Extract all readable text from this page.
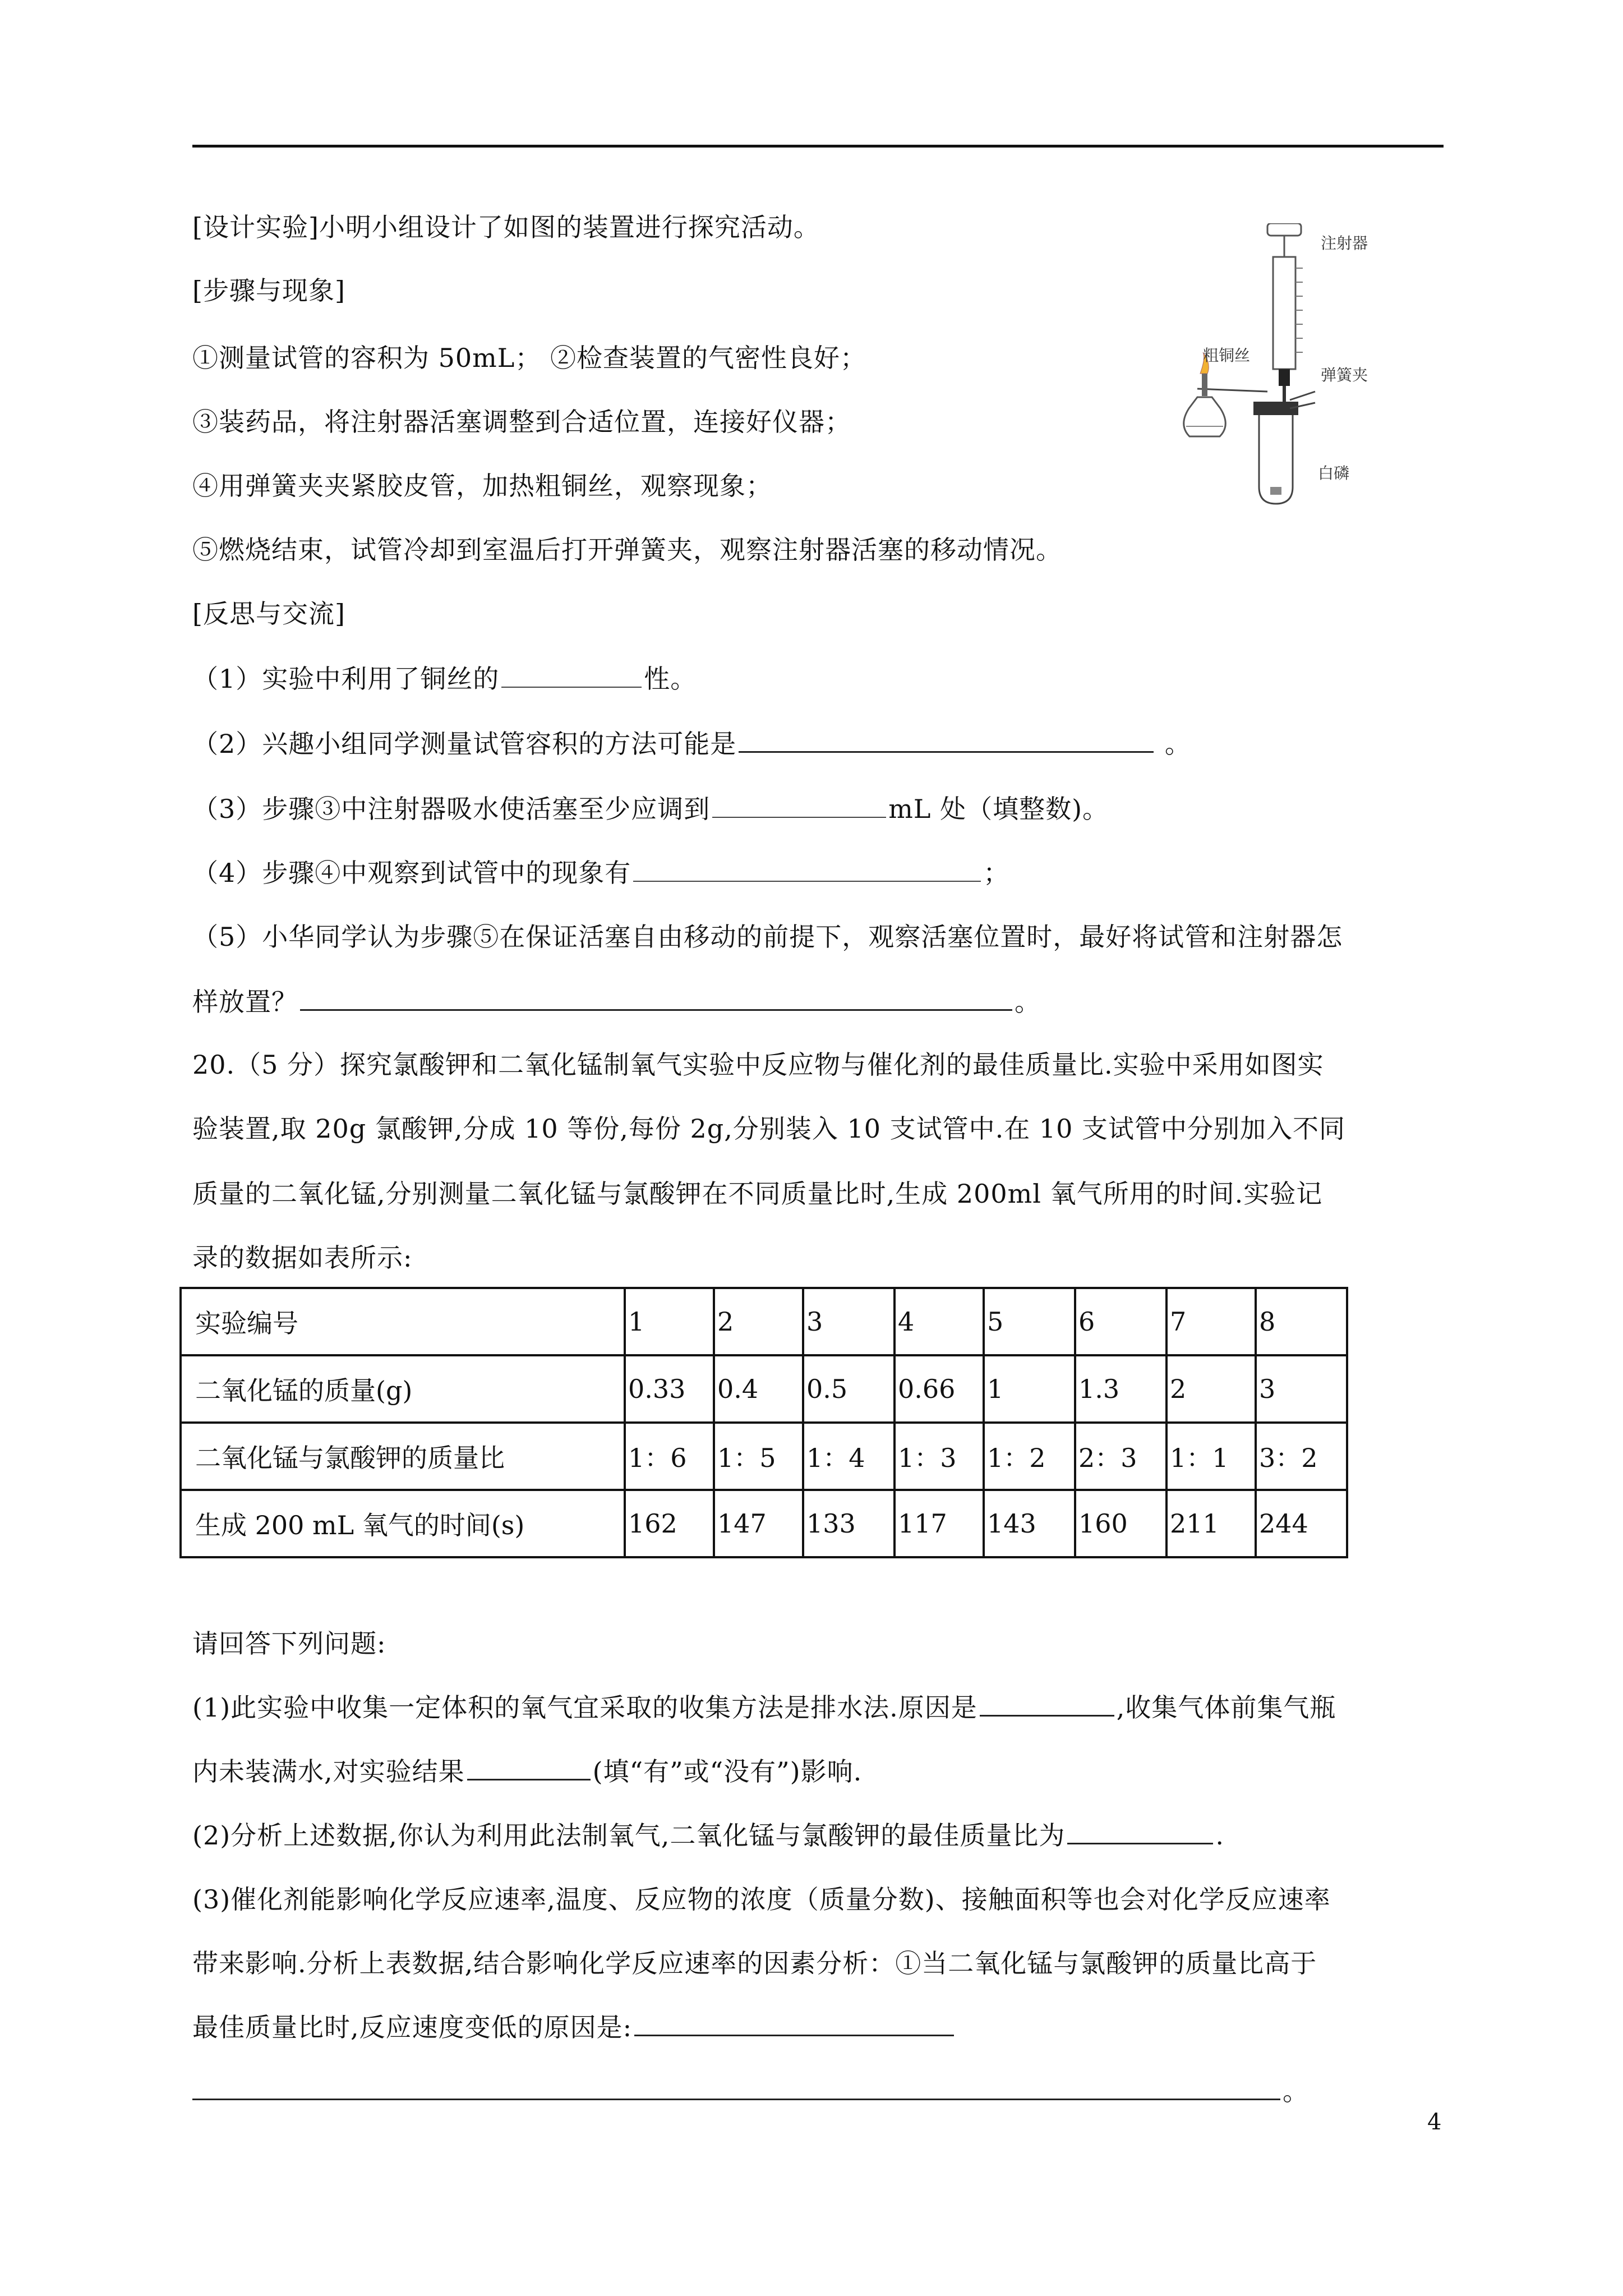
[设计实验]小明小组设计了如图的装置进行探究活动。
[步骤与现象]
①测量试管的容积为 50mL； ②检查装置的气密性良好；
③装药品，将注射器活塞调整到合适位置，连接好仪器；
④用弹簧夹夹紧胶皮管，加热粗铜丝，观察现象；
⑤燃烧结束，试管冷却到室温后打开弹簧夹，观察注射器活塞的移动情况。
注射器
粗铜丝
弹簧夹
白磷
[反思与交流]
（1）实验中利用了铜丝的	性。
（2）兴趣小组同学测量试管容积的方法可能是	。
（3）步骤③中注射器吸水使活塞至少应调到	mL 处（填整数)。
（4）步骤④中观察到试管中的现象有	；
（5）小华同学认为步骤⑤在保证活塞自由移动的前提下，观察活塞位置时，最好将试管和注射器怎
样放置？	。
20.（5 分）探究氯酸钾和二氧化锰制氧气实验中反应物与催化剂的最佳质量比.实验中采用如图实
验装置,取 20g 氯酸钾,分成 10 等份,每份 2g,分别装入 10 支试管中.在 10 支试管中分别加入不同
质量的二氧化锰,分别测量二氧化锰与氯酸钾在不同质量比时,生成 200ml 氧气所用的时间.实验记
录的数据如表所示:
实验编号	1	2	3	4	5	6	7	8
二氧化锰的质量(g)	0.33	0.4	0.5	0.66	1	1.3	2	3
二氧化锰与氯酸钾的质量比	1：6	1：5	1：4	1：3	1：2	2：3	1：1	3：2
生成 200 mL 氧气的时间(s)	162	147	133	117	143	160	211	244
请回答下列问题:
(1)此实验中收集一定体积的氧气宜采取的收集方法是排水法.原因是	,收集气体前集气瓶
内未装满水,对实验结果	(填“有”或“没有”)影响.
(2)分析上述数据,你认为利用此法制氧气,二氧化锰与氯酸钾的最佳质量比为	.
(3)催化剂能影响化学反应速率,温度、反应物的浓度（质量分数)、接触面积等也会对化学反应速率
带来影响.分析上表数据,结合影响化学反应速率的因素分析：①当二氧化锰与氯酸钾的质量比高于
最佳质量比时,反应速度变低的原因是:
。
4
